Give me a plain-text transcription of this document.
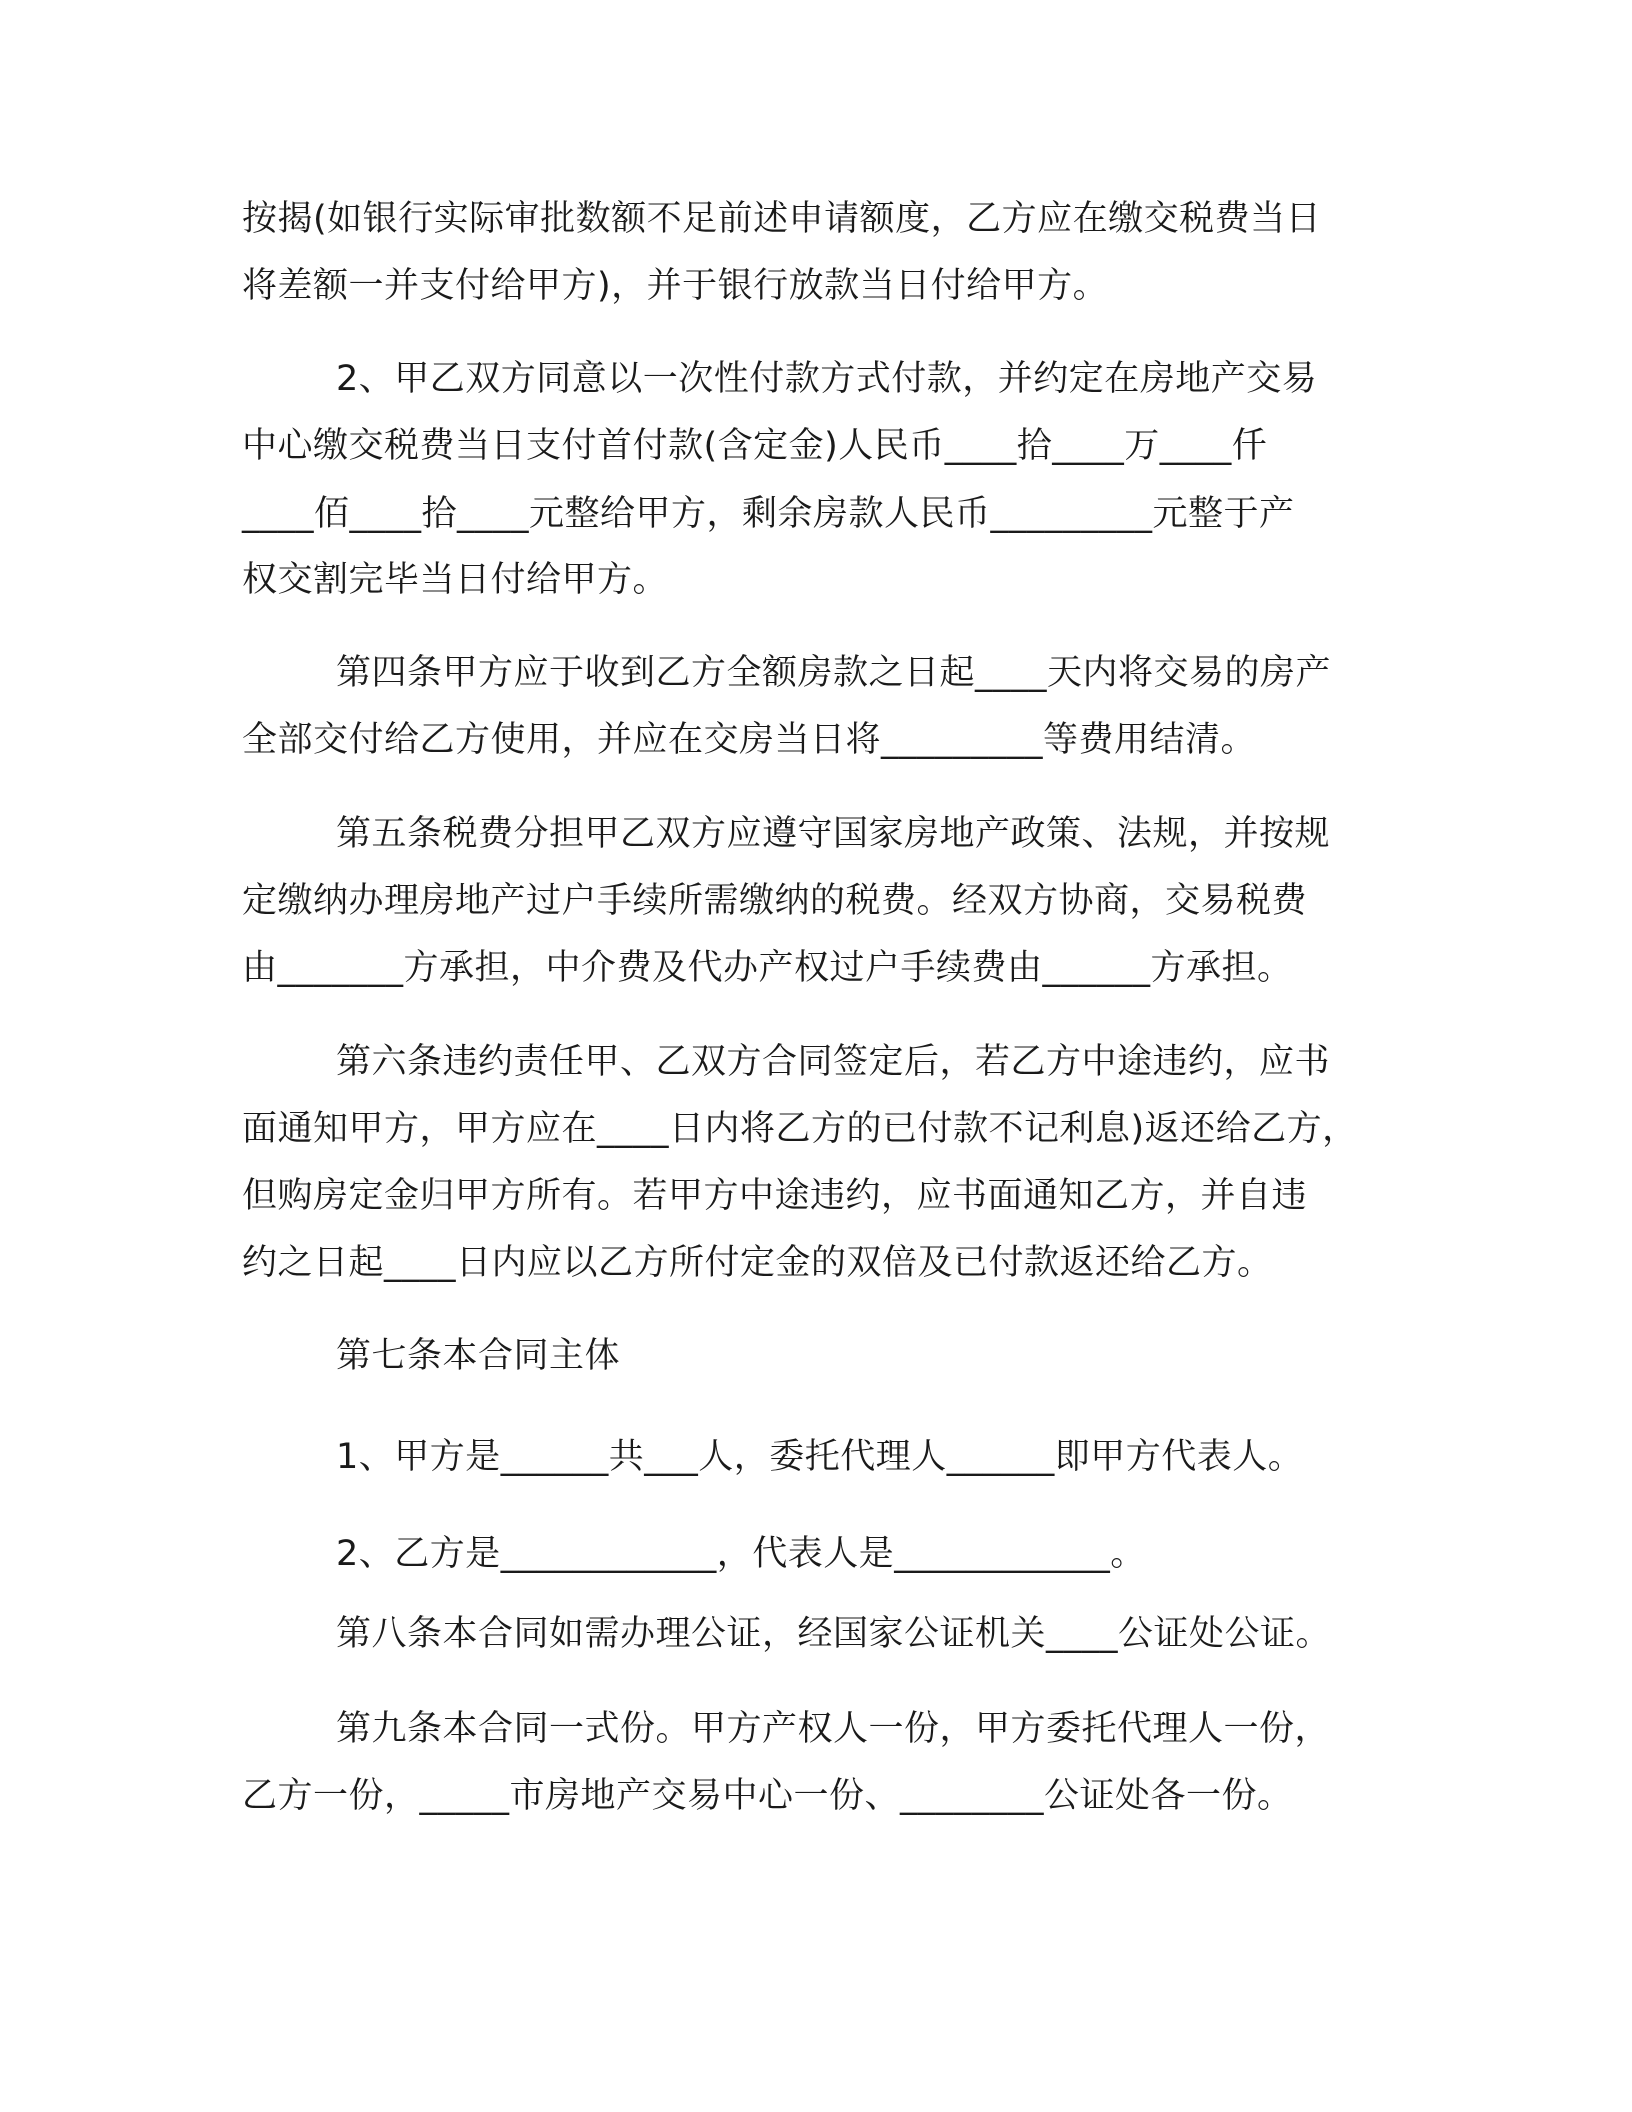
按揭(如银行实际审批数额不足前述申请额度，乙方应在缴交税费当日
将差额一并支付给甲方)，并于银行放款当日付给甲方。
2、甲乙双方同意以一次性付款方式付款，并约定在房地产交易
中心缴交税费当日支付首付款(含定金)人民币____拾____万____仟
____佰____拾____元整给甲方，剩余房款人民币_________元整于产
权交割完毕当日付给甲方。
第四条甲方应于收到乙方全额房款之日起____天内将交易的房产
全部交付给乙方使用，并应在交房当日将_________等费用结清。
第五条税费分担甲乙双方应遵守国家房地产政策、法规，并按规
定缴纳办理房地产过户手续所需缴纳的税费。经双方协商，交易税费
由_______方承担，中介费及代办产权过户手续费由______方承担。
第六条违约责任甲、乙双方合同签定后，若乙方中途违约，应书
面通知甲方，甲方应在____日内将乙方的已付款不记利息)返还给乙方，
但购房定金归甲方所有。若甲方中途违约，应书面通知乙方，并自违
约之日起____日内应以乙方所付定金的双倍及已付款返还给乙方。
第七条本合同主体
1、甲方是______共___人，委托代理人______即甲方代表人。
2、乙方是____________，代表人是____________。
第八条本合同如需办理公证，经国家公证机关____公证处公证。
第九条本合同一式份。甲方产权人一份，甲方委托代理人一份，
乙方一份，_____市房地产交易中心一份、________公证处各一份。
